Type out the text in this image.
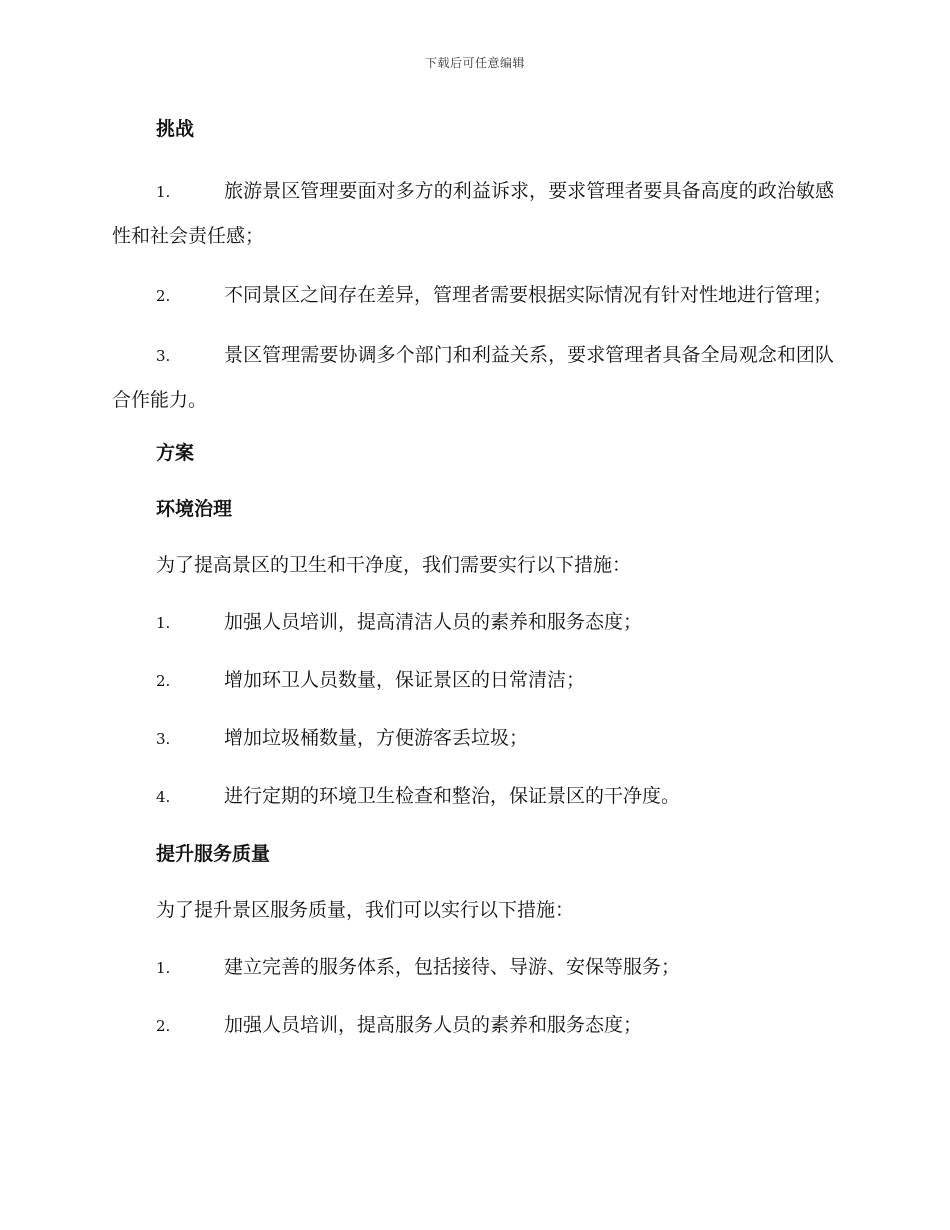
下载后可任意编辑
挑战
1.	旅游景区管理要面对多方的利益诉求，要求管理者要具备高度的政治敏感性和社会责任感；
2.	不同景区之间存在差异，管理者需要根据实际情况有针对性地进行管理；
3.	景区管理需要协调多个部门和利益关系，要求管理者具备全局观念和团队合作能力。
方案
环境治理
为了提高景区的卫生和干净度，我们需要实行以下措施：
1.	加强人员培训，提高清洁人员的素养和服务态度；
2.	增加环卫人员数量，保证景区的日常清洁；
3.	增加垃圾桶数量，方便游客丢垃圾；
4.	进行定期的环境卫生检查和整治，保证景区的干净度。
提升服务质量
为了提升景区服务质量，我们可以实行以下措施：
1.	建立完善的服务体系，包括接待、导游、安保等服务；
2.	加强人员培训，提高服务人员的素养和服务态度；
